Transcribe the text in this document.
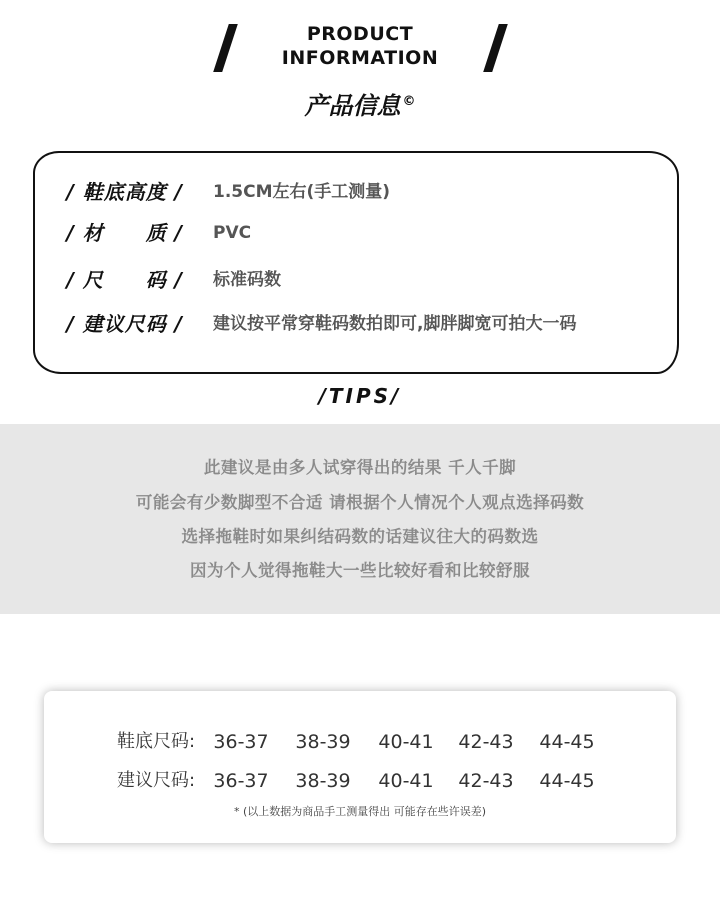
PRODUCT
INFORMATION
产品信息 ©
/ 鞋底高度 / 1.5CM左右(手工测量)
/ 材　　质 / PVC
/ 尺　　码 / 标准码数
/ 建议尺码 / 建议按平常穿鞋码数拍即可,脚胖脚宽可拍大一码
/TIPS/
此建议是由多人试穿得出的结果 千人千脚
可能会有少数脚型不合适 请根据个人情况个人观点选择码数
选择拖鞋时如果纠结码数的话建议往大的码数选
因为个人觉得拖鞋大一些比较好看和比较舒服
鞋底尺码: 36-37	38-39	40-41	42-43	44-45
建议尺码: 36-37	38-39	40-41	42-43	44-45
* (以上数据为商品手工测量得出 可能存在些许误差)
